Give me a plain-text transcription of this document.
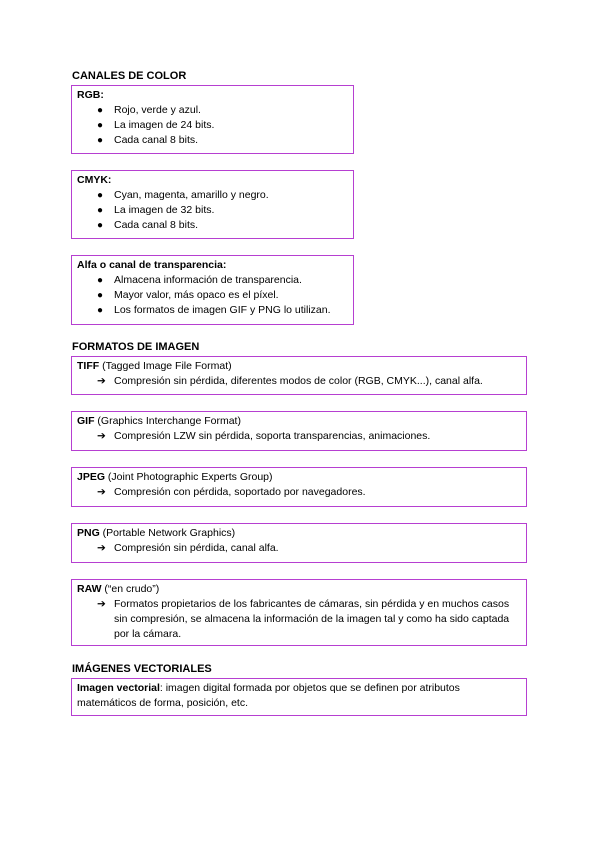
CANALES DE COLOR
RGB:
● Rojo, verde y azul.
● La imagen de 24 bits.
● Cada canal 8 bits.
CMYK:
● Cyan, magenta, amarillo y negro.
● La imagen de 32 bits.
● Cada canal 8 bits.
Alfa o canal de transparencia:
● Almacena información de transparencia.
● Mayor valor, más opaco es el píxel.
● Los formatos de imagen GIF y PNG lo utilizan.
FORMATOS DE IMAGEN
TIFF (Tagged Image File Format)
➔ Compresión sin pérdida, diferentes modos de color (RGB, CMYK...), canal alfa.
GIF (Graphics Interchange Format)
➔ Compresión LZW sin pérdida, soporta transparencias, animaciones.
JPEG (Joint Photographic Experts Group)
➔ Compresión con pérdida, soportado por navegadores.
PNG (Portable Network Graphics)
➔ Compresión sin pérdida, canal alfa.
RAW (“en crudo”)
➔ Formatos propietarios de los fabricantes de cámaras, sin pérdida y en muchos casos sin compresión, se almacena la información de la imagen tal y como ha sido captada por la cámara.
IMÁGENES VECTORIALES
Imagen vectorial: imagen digital formada por objetos que se definen por atributos matemáticos de forma, posición, etc.
